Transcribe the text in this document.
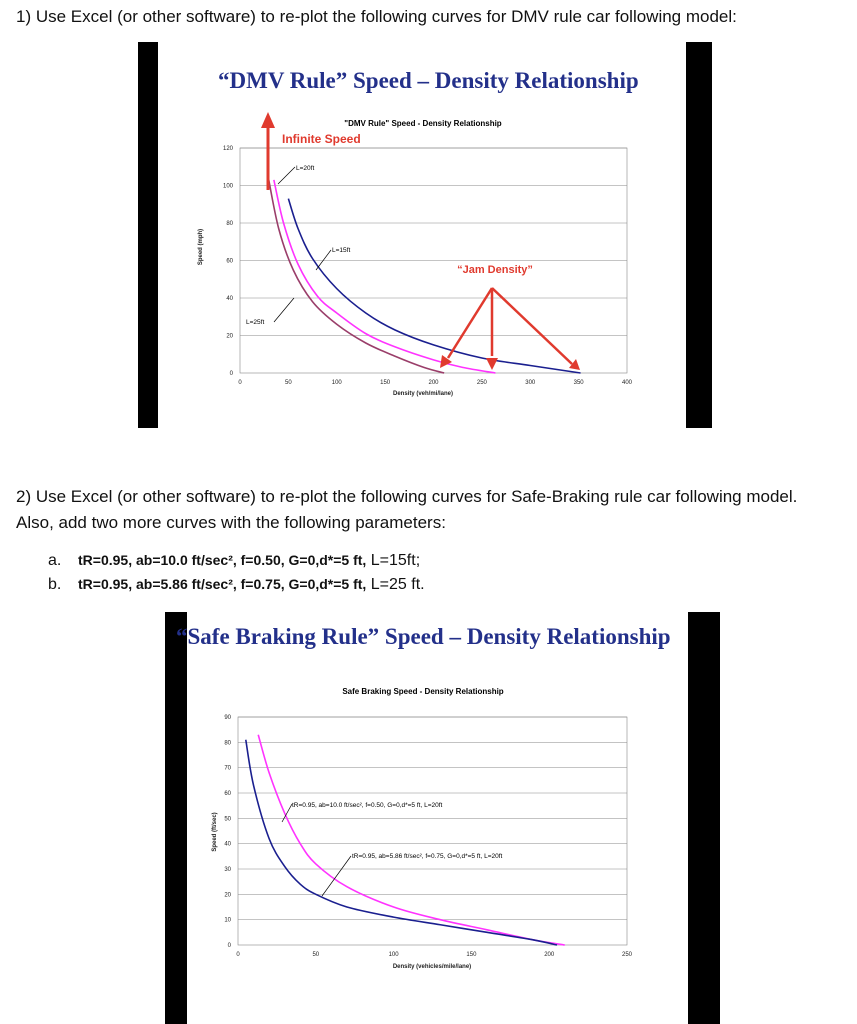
1) Use Excel (or other software) to re-plot the following curves for DMV rule car following model:
“DMV Rule” Speed – Density Relationship
"DMV Rule" Speed - Density Relationship
Density (veh/mi/lane)
Speed (mph)
0
20
40
60
80
100
120
0	50	100	150	200	250	300	350	400
Infinite Speed
“Jam Density”
L=20ft
L=15ft
L=25ft
2) Use Excel (or other software) to re-plot the following curves for Safe-Braking rule car following model.
Also, add two more curves with the following parameters:
a. tR=0.95, ab=10.0 ft/sec², f=0.50, G=0,d*=5 ft, L=15ft;
b. tR=0.95, ab=5.86 ft/sec², f=0.75, G=0,d*=5 ft, L=25 ft.
“Safe Braking Rule” Speed – Density Relationship
Safe Braking Speed - Density Relationship
Density (vehicles/mile/lane)
Speed (ft/sec)
0
10
20
30
40
50
60
70
80
90
0	50	100	150	200	250
tR=0.95, ab=10.0 ft/sec², f=0.50, G=0,d*=5 ft, L=20ft
tR=0.95, ab=5.86 ft/sec², f=0.75, G=0,d*=5 ft, L=20ft
